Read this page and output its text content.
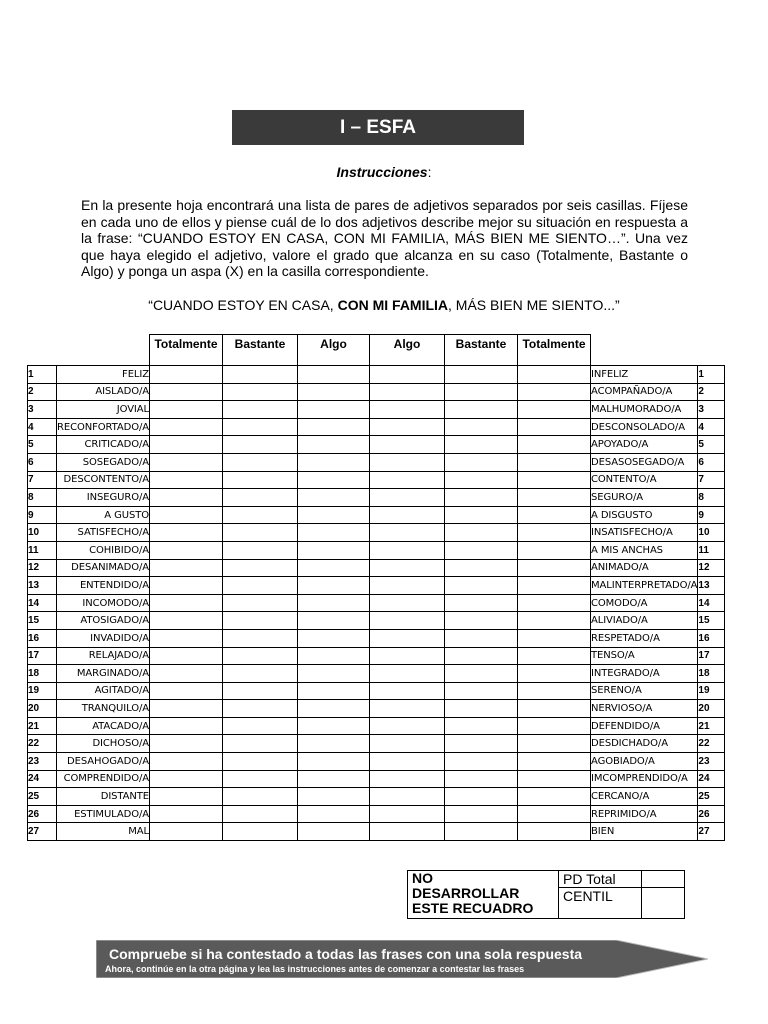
I – ESFA
Instrucciones:
En la presente hoja encontrará una lista de pares de adjetivos separados por seis casillas. Fíjese en cada uno de ellos y piense cuál de lo dos adjetivos describe mejor su situación en respuesta a la frase: “CUANDO ESTOY EN CASA, CON MI FAMILIA, MÁS BIEN ME SIENTO…”. Una vez que haya elegido el adjetivo, valore el grado que alcanza en su caso (Totalmente, Bastante o Algo) y ponga un aspa (X) en la casilla correspondiente.
“CUANDO ESTOY EN CASA, CON MI FAMILIA, MÁS BIEN ME SIENTO...”
		Totalmente	Bastante	Algo	Algo	Bastante	Totalmente		
1	FELIZ							INFELIZ	1
2	AISLADO/A							ACOMPAÑADO/A	2
3	JOVIAL							MALHUMORADO/A	3
4	RECONFORTADO/A							DESCONSOLADO/A	4
5	CRITICADO/A							APOYADO/A	5
6	SOSEGADO/A							DESASOSEGADO/A	6
7	DESCONTENTO/A							CONTENTO/A	7
8	INSEGURO/A							SEGURO/A	8
9	A GUSTO							A DISGUSTO	9
10	SATISFECHO/A							INSATISFECHO/A	10
11	COHIBIDO/A							A MIS ANCHAS	11
12	DESANIMADO/A							ANIMADO/A	12
13	ENTENDIDO/A							MALINTERPRETADO/A	13
14	INCOMODO/A							COMODO/A	14
15	ATOSIGADO/A							ALIVIADO/A	15
16	INVADIDO/A							RESPETADO/A	16
17	RELAJADO/A							TENSO/A	17
18	MARGINADO/A							INTEGRADO/A	18
19	AGITADO/A							SERENO/A	19
20	TRANQUILO/A							NERVIOSO/A	20
21	ATACADO/A							DEFENDIDO/A	21
22	DICHOSO/A							DESDICHADO/A	22
23	DESAHOGADO/A							AGOBIADO/A	23
24	COMPRENDIDO/A							IMCOMPRENDIDO/A	24
25	DISTANTE							CERCANO/A	25
26	ESTIMULADO/A							REPRIMIDO/A	26
27	MAL							BIEN	27
NO
DESARROLLAR
ESTE RECUADRO	PD Total	
	CENTIL	
Compruebe si ha contestado a todas las frases con una sola respuesta
Ahora, continúe en la otra página y lea las instrucciones antes de comenzar a contestar las frases
